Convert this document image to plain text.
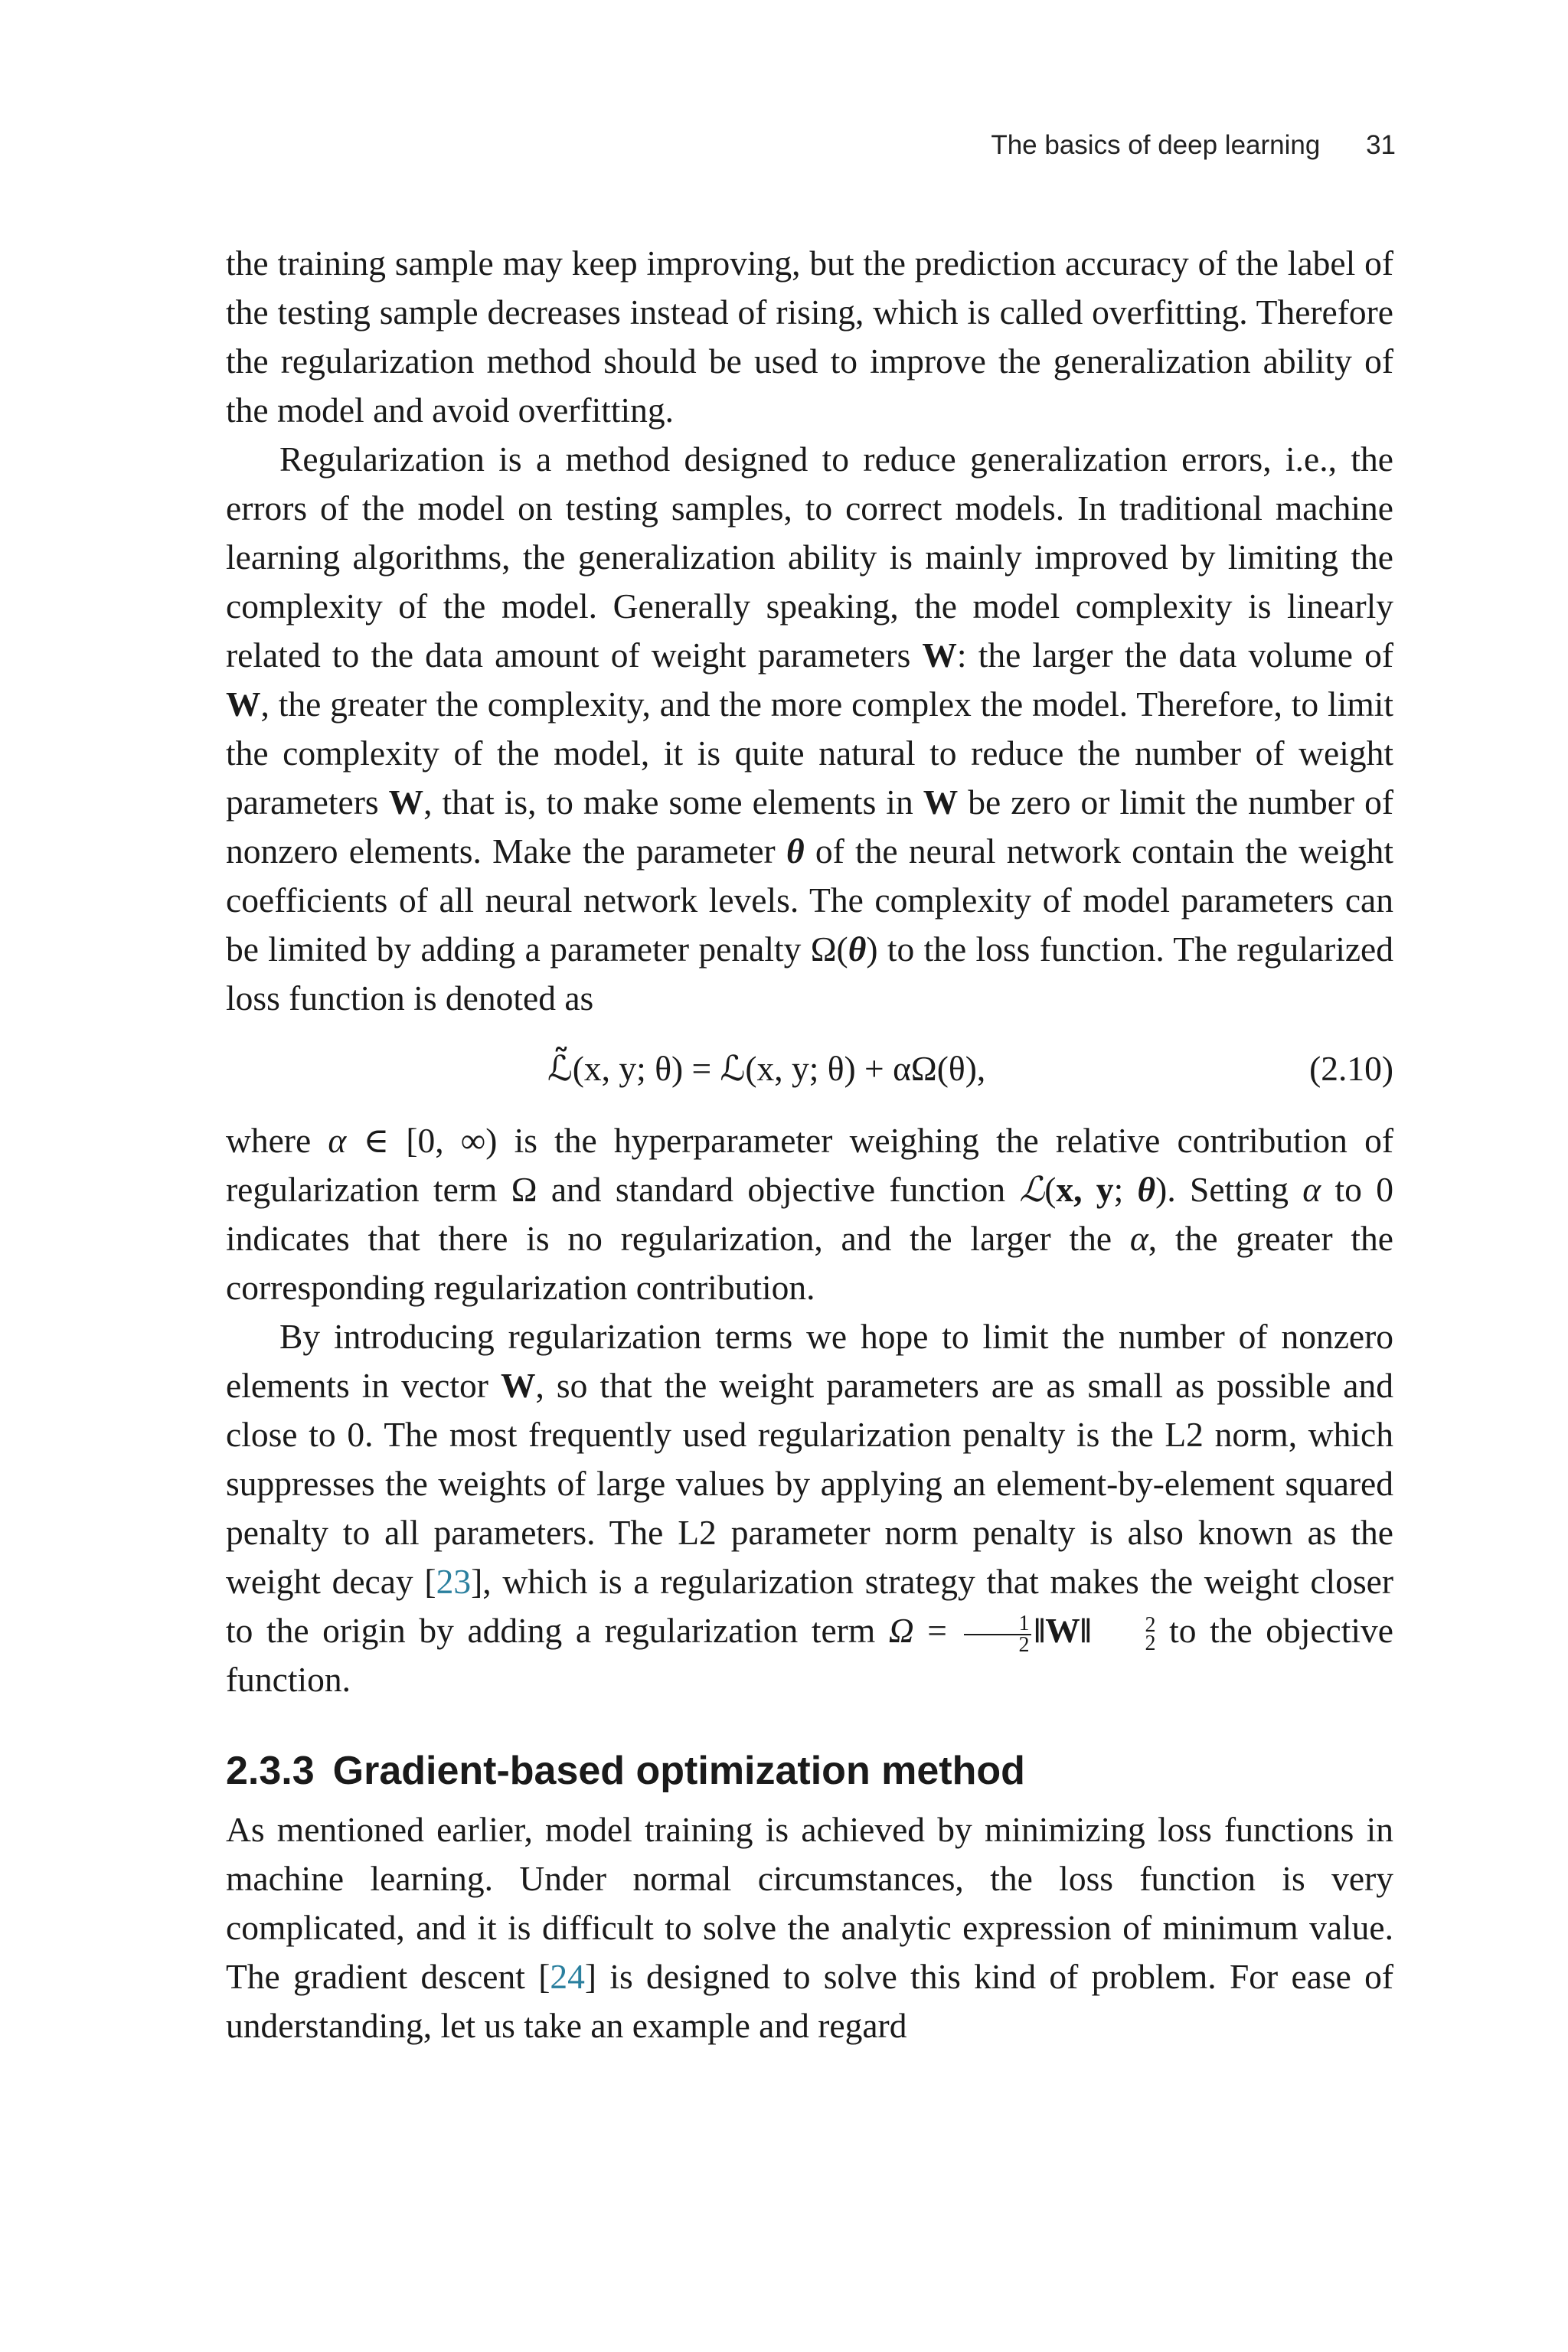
The basics of deep learning 31

the training sample may keep improving, but the prediction accuracy of the label of the testing sample decreases instead of rising, which is called overfitting. Therefore the regularization method should be used to improve the generalization ability of the model and avoid overfitting.

Regularization is a method designed to reduce generalization errors, i.e., the errors of the model on testing samples, to correct models. In traditional machine learning algorithms, the generalization ability is mainly improved by limiting the complexity of the model. Generally speaking, the model complexity is linearly related to the data amount of weight parameters W: the larger the data volume of W, the greater the complexity, and the more complex the model. Therefore, to limit the complexity of the model, it is quite natural to reduce the number of weight parameters W, that is, to make some elements in W be zero or limit the number of nonzero elements. Make the parameter θ of the neural network contain the weight coefficients of all neural network levels. The complexity of model parameters can be limited by adding a parameter penalty Ω(θ) to the loss function. The regularized loss function is denoted as

ℒ̃(x, y; θ) = ℒ(x, y; θ) + αΩ(θ),	(2.10)

where α ∈ [0, ∞) is the hyperparameter weighing the relative contribution of regularization term Ω and standard objective function ℒ(x, y; θ). Setting α to 0 indicates that there is no regularization, and the larger the α, the greater the corresponding regularization contribution.

By introducing regularization terms we hope to limit the number of nonzero elements in vector W, so that the weight parameters are as small as possible and close to 0. The most frequently used regularization penalty is the L2 norm, which suppresses the weights of large values by applying an element-by-element squared penalty to all parameters. The L2 parameter norm penalty is also known as the weight decay [23], which is a regularization strategy that makes the weight closer to the origin by adding a regularization term $\Omega = \frac{1}{2}$ ‖W‖	2
2 to the objective function.

2.3.3 Gradient-based optimization method

As mentioned earlier, model training is achieved by minimizing loss functions in machine learning. Under normal circumstances, the loss function is very complicated, and it is difficult to solve the analytic expression of minimum value. The gradient descent [24] is designed to solve this kind of problem. For ease of understanding, let us take an example and regard
